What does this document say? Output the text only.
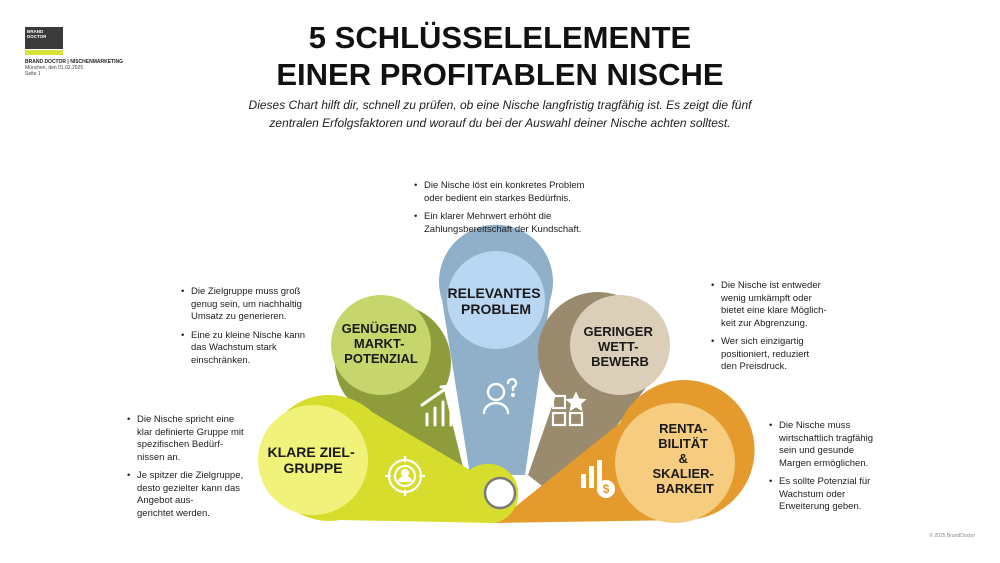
BRAND
DOCTOR
BRAND DOCTOR | NISCHENMARKETING
München, den 01.02.2025
Seite 1
5 SCHLÜSSELELEMENTE
EINER PROFITABLEN NISCHE
Dieses Chart hilft dir, schnell zu prüfen, ob eine Nische langfristig tragfähig ist. Es zeigt die fünf
zentralen Erfolgsfaktoren und worauf du bei der Auswahl deiner Nische achten solltest.
RELEVANTES PROBLEM
GENÜGEND MARKT- POTENZIAL
GERINGER WETT- BEWERB
RENTA- BILITÄT & SKALIER- BARKEIT
KLARE ZIEL- GRUPPE
$
• Die Nische löst ein konkretes Problem
oder bedient ein starkes Bedürfnis.
• Ein klarer Mehrwert erhöht die
Zahlungsbereitschaft der Kundschaft.
• Die Zielgruppe muss groß
genug sein, um nachhaltig
Umsatz zu generieren.
• Eine zu kleine Nische kann
das Wachstum stark
einschränken.
• Die Nische ist entweder
wenig umkämpft oder
bietet eine klare Möglich-
keit zur Abgrenzung.
• Wer sich einzigartig
positioniert, reduziert
den Preisdruck.
• Die Nische spricht eine
klar definierte Gruppe mit
spezifischen Bedürf-
nissen an.
• Je spitzer die Zielgruppe,
desto gezielter kann das
Angebot aus-
gerichtet werden.
• Die Nische muss
wirtschaftlich tragfähig
sein und gesunde
Margen ermöglichen.
• Es sollte Potenzial für
Wachstum oder
Erweiterung geben.
© 2025 BrandDoctor
